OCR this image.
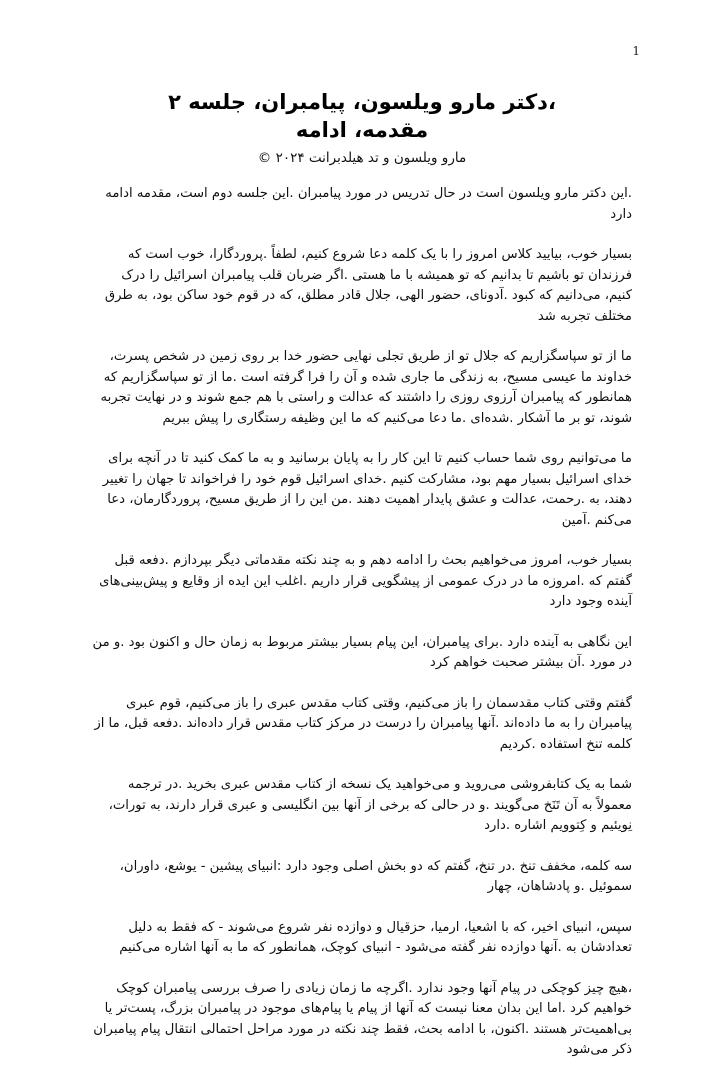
1

،دکتر مارو ویلسون، پیامبران، جلسه ۲

مقدمه، ادامه

مارو ویلسون و تد هیلدبرانت ۲۰۲۴ ©

.این دکتر مارو ویلسون است در حال تدریس در مورد پیامبران .این جلسه دوم است، مقدمه ادامه دارد

بسیار خوب، بیایید کلاس امروز را با یک کلمه دعا شروع کنیم، لطفاً .پروردگارا، خوب است که فرزندان تو باشیم تا بدانیم که تو همیشه با ما هستی .اگر ضربان قلب پیامبران اسرائیل را درک کنیم، می‌دانیم که کبود .آدونای، حضور الهی، جلال قادر مطلق، که در قوم خود ساکن بود، به طرق مختلف تجربه شد

ما از تو سپاسگزاریم که جلال تو از طریق تجلی نهایی حضور خدا بر روی زمین در شخص پسرت، خداوند ما عیسی مسیح، به زندگی ما جاری شده و آن را فرا گرفته است .ما از تو سپاسگزاریم که همانطور که پیامبران آرزوی روزی را داشتند که عدالت و راستی با هم جمع شوند و در نهایت تجربه شوند، تو بر ما آشکار .شده‌ای .ما دعا می‌کنیم که ما این وظیفه رستگاری را پیش ببریم

ما می‌توانیم روی شما حساب کنیم تا این کار را به پایان برسانید و به ما کمک کنید تا در آنچه برای خدای اسرائیل بسیار مهم بود، مشارکت کنیم .خدای اسرائیل قوم خود را فراخواند تا جهان را تغییر دهند، به .رحمت، عدالت و عشق پایدار اهمیت دهند .من این را از طریق مسیح، پروردگارمان، دعا می‌کنم .آمین

بسیار خوب، امروز می‌خواهیم بحث را ادامه دهم و به چند نکته مقدماتی دیگر بپردازم .دفعه قبل گفتم که .امروزه ما در درک عمومی از پیشگویی قرار داریم .اغلب این ایده از وقایع و پیش‌بینی‌های آینده وجود دارد

این نگاهی به آینده دارد .برای پیامبران، این پیام بسیار بیشتر مربوط به زمان حال و اکنون بود .و من در مورد .آن بیشتر صحبت خواهم کرد

گفتم وقتی کتاب مقدسمان را باز می‌کنیم، وقتی کتاب مقدس عبری را باز می‌کنیم، قوم عبری پیامبران را به ما داده‌اند .آنها پیامبران را درست در مرکز کتاب مقدس قرار داده‌اند .دفعه قبل، ما از کلمه تنخ استفاده .کردیم

شما به یک کتابفروشی می‌روید و می‌خواهید یک نسخه از کتاب مقدس عبری بخرید .در ترجمه معمولاً به آن تَنَخ می‌گویند .و در حالی که برخی از آنها بین انگلیسی و عبری قرار دارند، به تورات، نِویئیم و کِتوویم اشاره .دارد

سه کلمه، مخفف تنخ .در تنخ، گفتم که دو بخش اصلی وجود دارد :انبیای پیشین - یوشع، داوران، سموئیل .و پادشاهان، چهار

سپس، انبیای اخیر، که با اشعیا، ارمیا، حزقیال و دوازده نفر شروع می‌شوند - که فقط به دلیل تعدادشان به .آنها دوازده نفر گفته می‌شود - انبیای کوچک، همانطور که ما به آنها اشاره می‌کنیم

،هیچ چیز کوچکی در پیام آنها وجود ندارد .اگرچه ما زمان زیادی را صرف بررسی پیامبران کوچک خواهیم کرد .اما این بدان معنا نیست که آنها از پیام یا پیام‌های موجود در پیامبران بزرگ، پست‌تر یا بی‌اهمیت‌تر هستند .اکنون، با ادامه بحث، فقط چند نکته در مورد مراحل احتمالی انتقال پیام پیامبران ذکر می‌شود
